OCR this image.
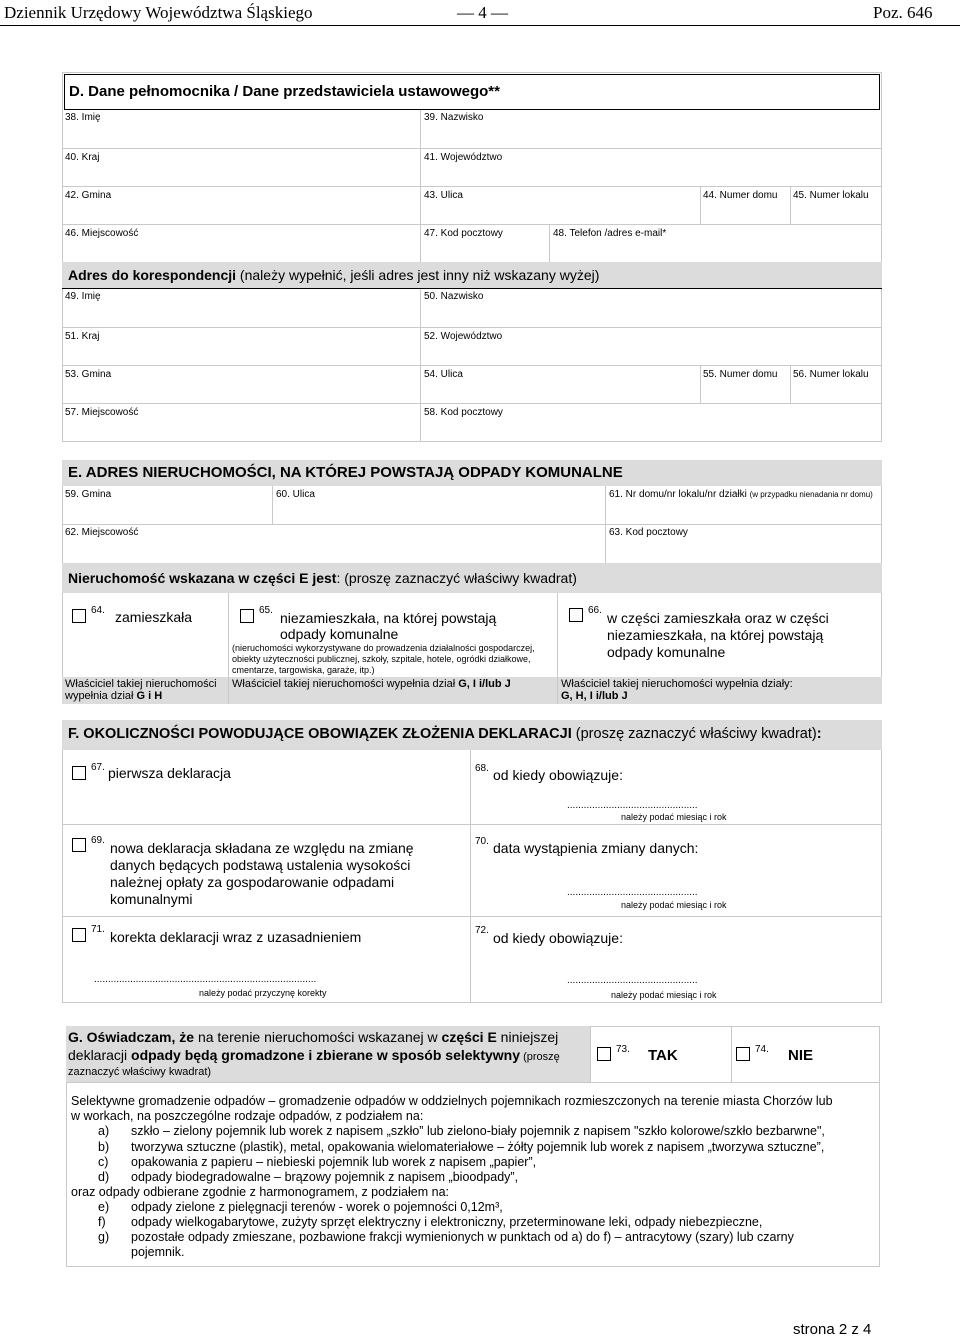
Dziennik Urzędowy Województwa Śląskiego	— 4 —	Poz. 646
D. Dane pełnomocnika / Dane przedstawiciela ustawowego**
38. Imię	39. Nazwisko
40. Kraj	41. Województwo
42. Gmina	43. Ulica	44. Numer domu 45. Numer lokalu
46. Miejscowość	47. Kod pocztowy	48. Telefon /adres e-mail*
Adres do korespondencji (należy wypełnić, jeśli adres jest inny niż wskazany wyżej)
49. Imię	50. Nazwisko
51. Kraj	52. Województwo
53. Gmina	54. Ulica	55. Numer domu 56. Numer lokalu
57. Miejscowość	58. Kod pocztowy
E. ADRES NIERUCHOMOŚCI, NA KTÓREJ POWSTAJĄ ODPADY KOMUNALNE
59. Gmina	60. Ulica	61. Nr domu/nr lokalu/nr działki (w przypadku nienadania nr domu)
62. Miejscowość	63. Kod pocztowy
Nieruchomość wskazana w części E jest: (proszę zaznaczyć właściwy kwadrat)
64. zamieszkała	65. niezamieszkała, na której powstają
odpady komunalne
(nieruchomości wykorzystywane do prowadzenia działalności gospodarczej,
obiekty użyteczności publicznej, szkoły, szpitale, hotele, ogródki działkowe,
cmentarze, targowiska, garaże, itp.)
66. w części zamieszkała oraz w części
niezamieszkała, na której powstają
odpady komunalne
Właściciel takiej nieruchomości
wypełnia dział G i H
Właściciel takiej nieruchomości wypełnia dział G, I i/lub J	Właściciel takiej nieruchomości wypełnia działy:
G, H, I i/lub J
F. OKOLICZNOŚCI POWODUJĄCE OBOWIĄZEK ZŁOŻENIA DEKLARACJI (proszę zaznaczyć właściwy kwadrat):
67. pierwsza deklaracja	68. od kiedy obowiązuje:
...............................................
należy podać miesiąc i rok
69. nowa deklaracja składana ze względu na zmianę
danych będących podstawą ustalenia wysokości
należnej opłaty za gospodarowanie odpadami
komunalnymi
70. data wystąpienia zmiany danych:
...............................................
należy podać miesiąc i rok
71. korekta deklaracji wraz z uzasadnieniem	72. od kiedy obowiązuje:
................................................................................
należy podać przyczynę korekty
...............................................
należy podać miesiąc i rok
G. Oświadczam, że na terenie nieruchomości wskazanej w części E niniejszej
deklaracji odpady będą gromadzone i zbierane w sposób selektywny (proszę
zaznaczyć właściwy kwadrat)
73. TAK	74. NIE
Selektywne gromadzenie odpadów – gromadzenie odpadów w oddzielnych pojemnikach rozmieszczonych na terenie miasta Chorzów lub
w workach, na poszczególne rodzaje odpadów, z podziałem na:
a) szkło – zielony pojemnik lub worek z napisem „szkło” lub zielono-biały pojemnik z napisem "szkło kolorowe/szkło bezbarwne",
b) tworzywa sztuczne (plastik), metal, opakowania wielomateriałowe – żółty pojemnik lub worek z napisem „tworzywa sztuczne”,
c) opakowania z papieru – niebieski pojemnik lub worek z napisem „papier”,
d) odpady biodegradowalne – brązowy pojemnik z napisem „bioodpady”,
oraz odpady odbierane zgodnie z harmonogramem, z podziałem na:
e) odpady zielone z pielęgnacji terenów - worek o pojemności 0,12m³,
f) odpady wielkogabarytowe, zużyty sprzęt elektryczny i elektroniczny, przeterminowane leki, odpady niebezpieczne,
g) pozostałe odpady zmieszane, pozbawione frakcji wymienionych w punktach od a) do f) – antracytowy (szary) lub czarny
pojemnik.
strona 2 z 4
